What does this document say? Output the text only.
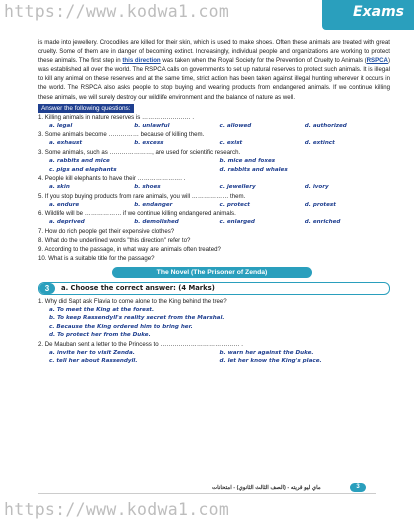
https://www.kodwa1.com	Exams

is made into jewellery. Crocodiles are killed for their skin, which is used to make shoes. Often these animals are treated with great cruelty. Some of them are in danger of becoming extinct. Increasingly, individual people and organizations are working to protect these animals. The first step in this direction was taken when the Royal Society for the Prevention of Cruelty to Animals (RSPCA) was established all over the world. The RSPCA calls on governments to set up natural reserves to protect such animals. It is illegal to kill any animal on these reserves and at the same time, strict action has been taken against illegal hunting wherever it occurs in the world. The RSPCA also asks people to stop buying and wearing products from endangered animals. If we continue killing these animals, we will surely destroy our wildlife environment and the balance of nature as well.

Answer the following questions:

1. Killing animals in nature reserves is …………………… .

a. legal	b. unlawful	c. allowed	d. authorized

3. Some animals become …………… because of killing them.

a. exhaust	b. excess	c. exist	d. extinct

3. Some animals, such as …………………, are used for scientific research.

a. rabbits and mice	b. mice and foxes
c. pigs and elephants	d. rabbits and whales

4. People kill elephants to have their …………………. .

a. skin	b. shoes	c. jewellery	d. ivory

5. If you stop buying products from rare animals, you will ……………… them.

a. endure	b. endanger	c. protect	d. protest

6. Wildlife will be ……………… if we continue killing endangered animals.

a. deprived	b. demolished	c. enlarged	d. enriched

7. How do rich people get their expensive clothes?

8. What do the underlined words "this direction" refer to?

9. According to the passage, in what way are animals often treated?

10. What is a suitable title for the passage?

The Novel (The Prisoner of Zenda)
3	a. Choose the correct answer: (4 Marks)

1. Why did Sapt ask Flavia to come alone to the King behind the tree?

a. To meet the King at the forest.

b. To keep Rassendyll's reality secret from the Marshal.

c. Because the King ordered him to bring her.

d. To protect her from the Duke.

2. De Mauban sent a letter to the Princess to ………………………………… .

a. invite her to visit Zenda.	b. warn her against the Duke.
c. tell her about Rassendyll.	d. let her know the King's place.
ماي ليو قريته - (الصف الثالث الثانوي) - امتحانات	3
https://www.kodwa1.com
